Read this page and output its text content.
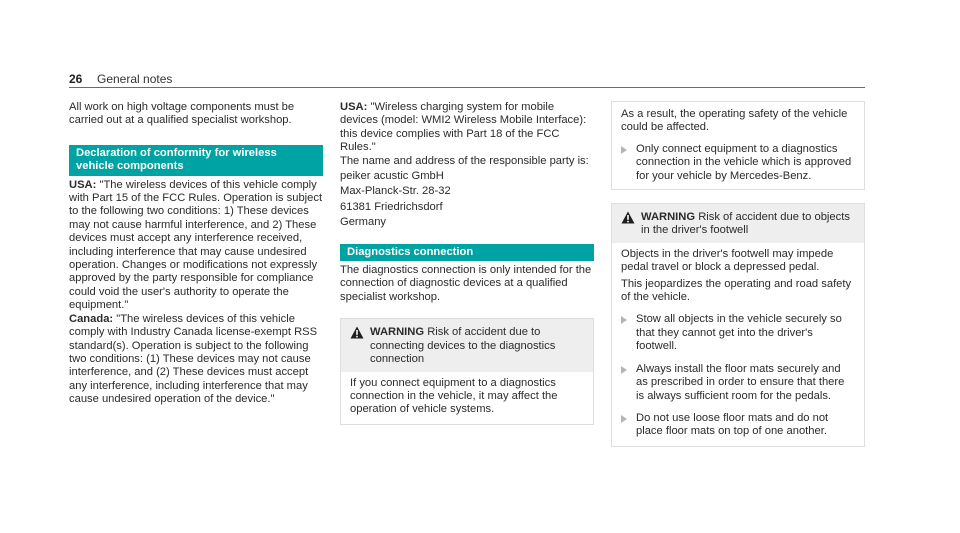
26 General notes

All work on high voltage components must be carried out at a qualified specialist workshop.

Declaration of conformity for wireless vehicle components

USA: "The wireless devices of this vehicle comply with Part 15 of the FCC Rules. Operation is subject to the following two conditions: 1) These devices may not cause harmful interference, and 2) These devices must accept any interference received, including interference that may cause undesired operation. Changes or modifications not expressly approved by the party responsible for compliance could void the user's authority to operate the equipment."

Canada: "The wireless devices of this vehicle comply with Industry Canada license-exempt RSS standard(s). Operation is subject to the following two conditions: (1) These devices may not cause interference, and (2) These devices must accept any interference, including interference that may cause undesired operation of the device."

USA: "Wireless charging system for mobile devices (model: WMI2 Wireless Mobile Interface): this device complies with Part 18 of the FCC Rules."

The name and address of the responsible party is:

peiker acustic GmbH

Max-Planck-Str. 28-32

61381 Friedrichsdorf

Germany

Diagnostics connection

The diagnostics connection is only intended for the connection of diagnostic devices at a qualified specialist workshop.

WARNING Risk of accident due to connecting devices to the diagnostics connection
If you connect equipment to a diagnostics connection in the vehicle, it may affect the operation of vehicle systems.

As a result, the operating safety of the vehicle could be affected.

Only connect equipment to a diagnostics connection in the vehicle which is approved for your vehicle by Mercedes-Benz.
WARNING Risk of accident due to objects in the driver's footwell

Objects in the driver's footwell may impede pedal travel or block a depressed pedal.

This jeopardizes the operating and road safety of the vehicle.

Stow all objects in the vehicle securely so that they cannot get into the driver's footwell.
Always install the floor mats securely and as prescribed in order to ensure that there is always sufficient room for the pedals.
Do not use loose floor mats and do not place floor mats on top of one another.
